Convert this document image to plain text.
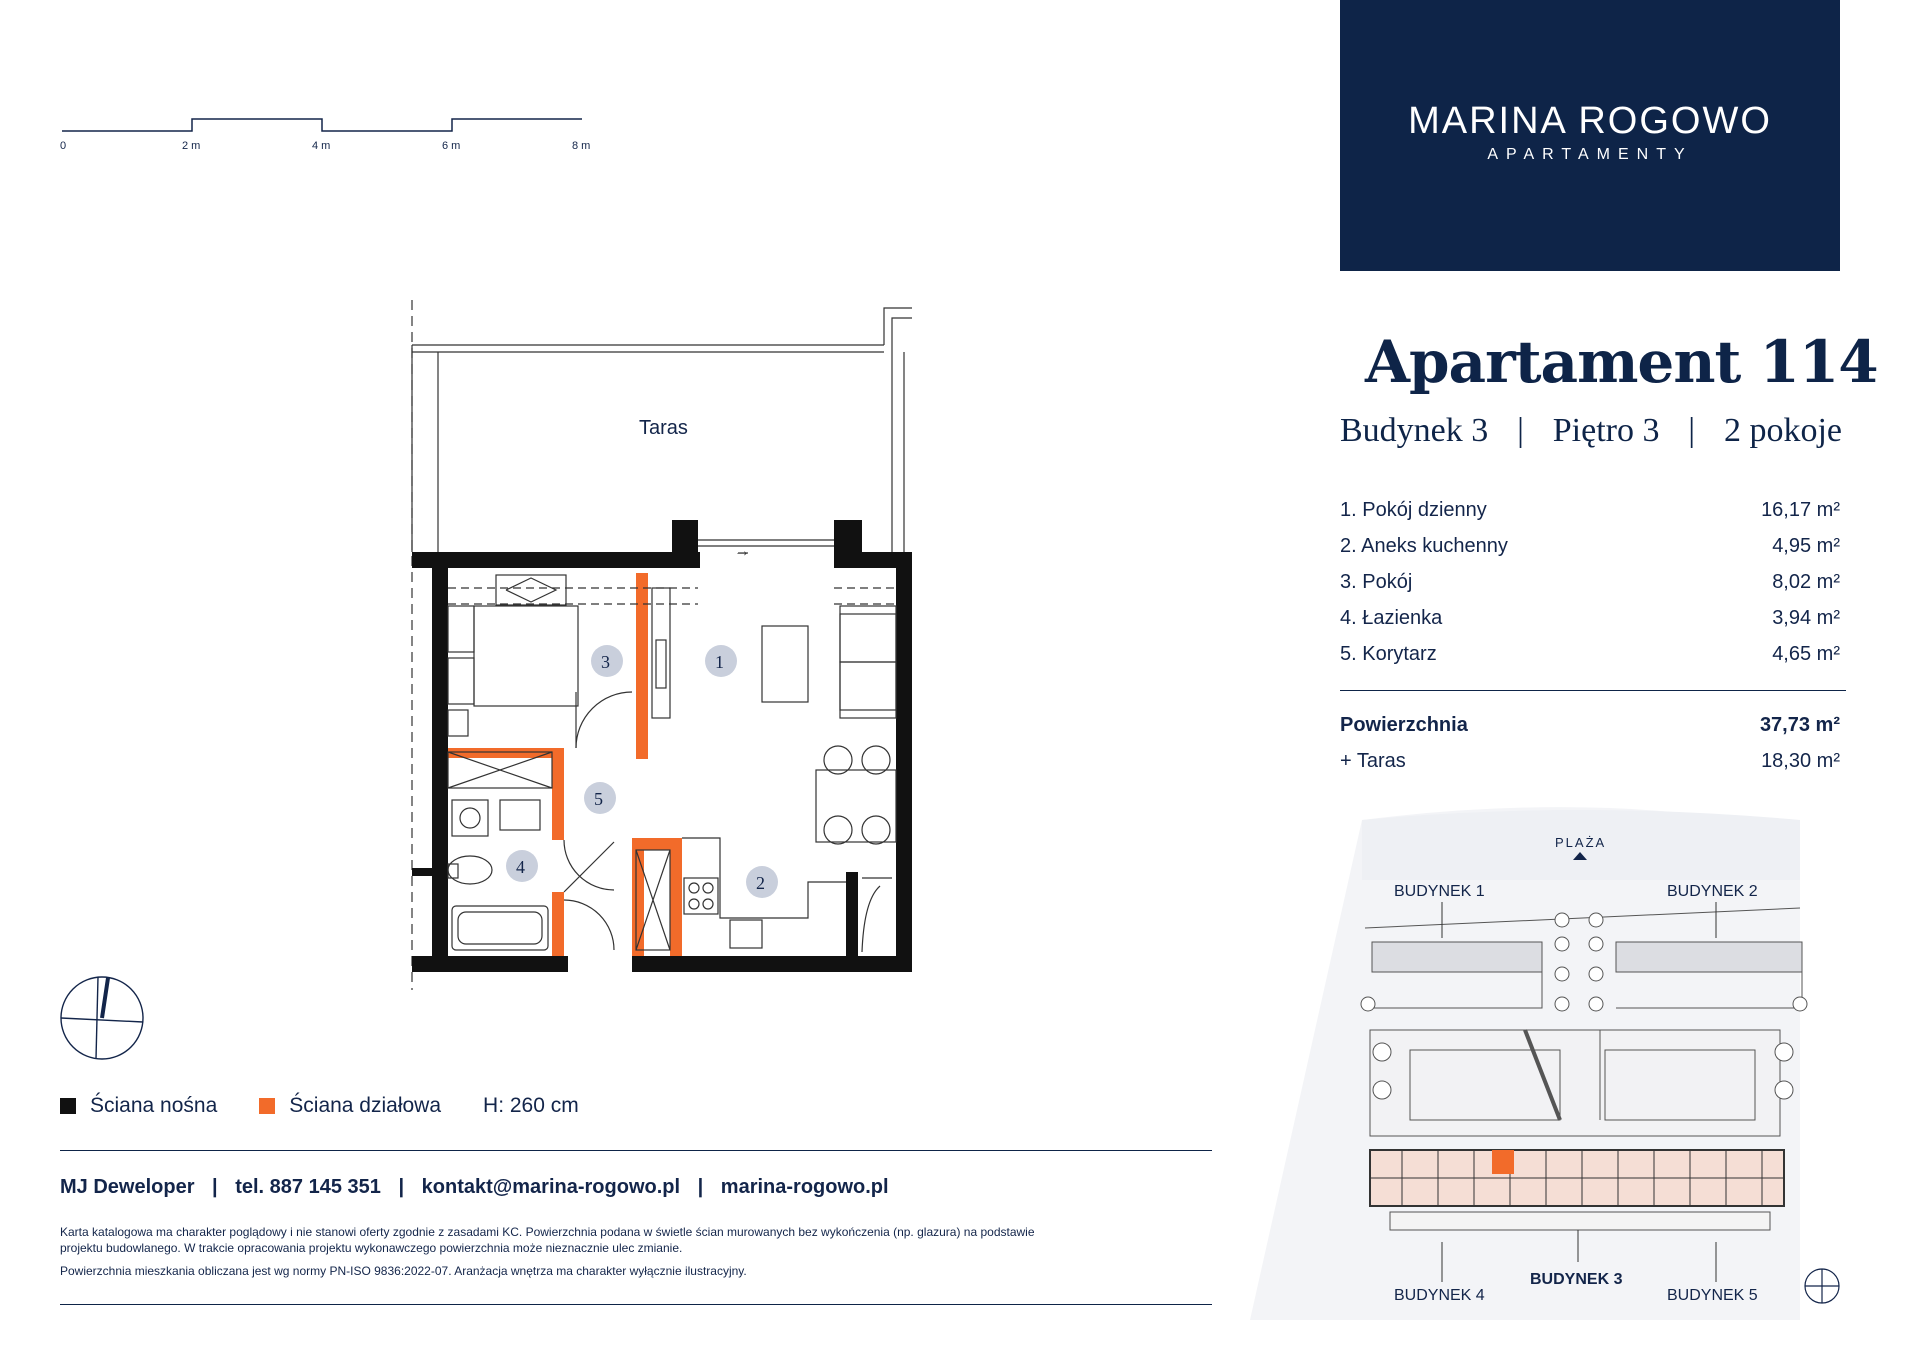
0	2 m	4 m	6 m	8 m
Taras
→
3	1
2
4
5
PLAŻA
BUDYNEK 1	BUDYNEK 2
BUDYNEK 3
BUDYNEK 4	BUDYNEK 5
MARINA ROGOWO
APARTAMENTY
Apartament 114
Budynek 3 | Piętro 3 | 2 pokoje
1. Pokój dzienny	16,17 m²
2. Aneks kuchenny	4,95 m²
3. Pokój	8,02 m²
4. Łazienka	3,94 m²
5. Korytarz	4,65 m²
Powierzchnia	37,73 m²
+ Taras	18,30 m²
Ściana nośna	Ściana działowa H: 260 cm
MJ Deweloper | tel. 887 145 351 | kontakt@marina-rogowo.pl | marina-rogowo.pl
Karta katalogowa ma charakter poglądowy i nie stanowi oferty zgodnie z zasadami KC. Powierzchnia podana w świetle ścian murowanych bez wykończenia (np. glazura) na podstawie
projektu budowlanego. W trakcie opracowania projektu wykonawczego powierzchnia może nieznacznie ulec zmianie.
Powierzchnia mieszkania obliczana jest wg normy PN-ISO 9836:2022-07. Aranżacja wnętrza ma charakter wyłącznie ilustracyjny.
